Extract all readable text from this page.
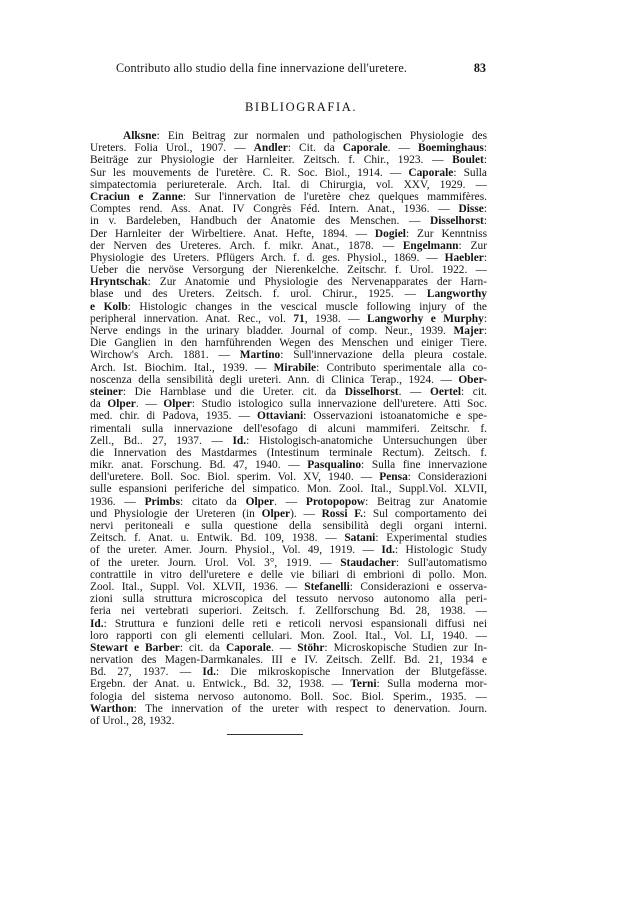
Contributo allo studio della fine innervazione dell'uretere.	83
BIBLIOGRAFIA.
Alksne: Ein Beitrag zur normalen und pathologischen Physiologie des
Ureters. Folia Urol., 1907. — Andler: Cit. da Caporale. — Boeminghaus:
Beiträge zur Physiologie der Harnleiter. Zeitsch. f. Chir., 1923. — Boulet:
Sur les mouvements de l'uretère. C. R. Soc. Biol., 1914. — Caporale: Sulla
simpatectomia periureterale. Arch. Ital. di Chirurgia, vol. XXV, 1929. —
Craciun e Zanne: Sur l'innervation de l'uretère chez quelques mammifères.
Comptes rend. Ass. Anat. IV Congrès Féd. Intern. Anat., 1936. — Disse:
in v. Bardeleben, Handbuch der Anatomie des Menschen. — Disselhorst:
Der Harnleiter der Wirbeltiere. Anat. Hefte, 1894. — Dogiel: Zur Kenntniss
der Nerven des Ureteres. Arch. f. mikr. Anat., 1878. — Engelmann: Zur
Physiologie des Ureters. Pflügers Arch. f. d. ges. Physiol., 1869. — Haebler:
Ueber die nervöse Versorgung der Nierenkelche. Zeitschr. f. Urol. 1922. —
Hryntschak: Zur Anatomie und Physiologie des Nervenapparates der Harn-
blase und des Ureters. Zeitsch. f. urol. Chirur., 1925. — Langworthy
e Kolb: Histologic changes in the vescical muscle following injury of the
peripheral innervation. Anat. Rec., vol. 71, 1938. — Langworhy e Murphy:
Nerve endings in the urinary bladder. Journal of comp. Neur., 1939. Majer:
Die Ganglien in den harnführenden Wegen des Menschen und einiger Tiere.
Wirchow's Arch. 1881. — Martino: Sull'innervazione della pleura costale.
Arch. Ist. Biochim. Ital., 1939. — Mirabile: Contributo sperimentale alla co-
noscenza della sensibilità degli ureteri. Ann. di Clinica Terap., 1924. — Ober-
steiner: Die Harnblase und die Ureter. cit. da Disselhorst. — Oertel: cit.
da Olper. — Olper: Studio istologico sulla innervazione dell'uretere. Atti Soc.
med. chir. di Padova, 1935. — Ottaviani: Osservazioni istoanatomiche e spe-
rimentali sulla innervazione dell'esofago di alcuni mammiferi. Zeitschr. f.
Zell., Bd.. 27, 1937. — Id.: Histologisch-anatomiche Untersuchungen über
die Innervation des Mastdarmes (Intestinum terminale Rectum). Zeitsch. f.
mikr. anat. Forschung. Bd. 47, 1940. — Pasqualino: Sulla fine innervazione
dell'uretere. Boll. Soc. Biol. sperim. Vol. XV, 1940. — Pensa: Considerazioni
sulle espansioni periferiche del simpatico. Mon. Zool. Ital., Suppl.Vol. XLVII,
1936. — Primbs: citato da Olper. — Protopopow: Beitrag zur Anatomie
und Physiologie der Ureteren (in Olper). — Rossi F.: Sul comportamento dei
nervi peritoneali e sulla questione della sensibilità degli organi interni.
Zeitsch. f. Anat. u. Entwik. Bd. 109, 1938. — Satani: Experimental studies
of the ureter. Amer. Journ. Physiol., Vol. 49, 1919. — Id.: Histologic Study
of the ureter. Journ. Urol. Vol. 3°, 1919. — Staudacher: Sull'automatismo
contrattile in vitro dell'uretere e delle vie biliari di embrioni di pollo. Mon.
Zool. Ital., Suppl. Vol. XLVII, 1936. — Stefanelli: Considerazioni e osserva-
zioni sulla struttura microscopica del tessuto nervoso autonomo alla peri-
feria nei vertebrati superiori. Zeitsch. f. Zellforschung Bd. 28, 1938. —
Id.: Struttura e funzioni delle reti e reticoli nervosi espansionali diffusi nei
loro rapporti con gli elementi cellulari. Mon. Zool. Ital., Vol. LI, 1940. —
Stewart e Barber: cit. da Caporale. — Stöhr: Microskopische Studien zur In-
nervation des Magen-Darmkanales. III e IV. Zeitsch. Zellf. Bd. 21, 1934 e
Bd. 27, 1937. — Id.: Die mikroskopische Innervation der Blutgefässe.
Ergebn. der Anat. u. Entwick., Bd. 32, 1938. — Terni: Sulla moderna mor-
fologia del sistema nervoso autonomo. Boll. Soc. Biol. Sperim., 1935. —
Warthon: The innervation of the ureter with respect to denervation. Journ.
of Urol., 28, 1932.
